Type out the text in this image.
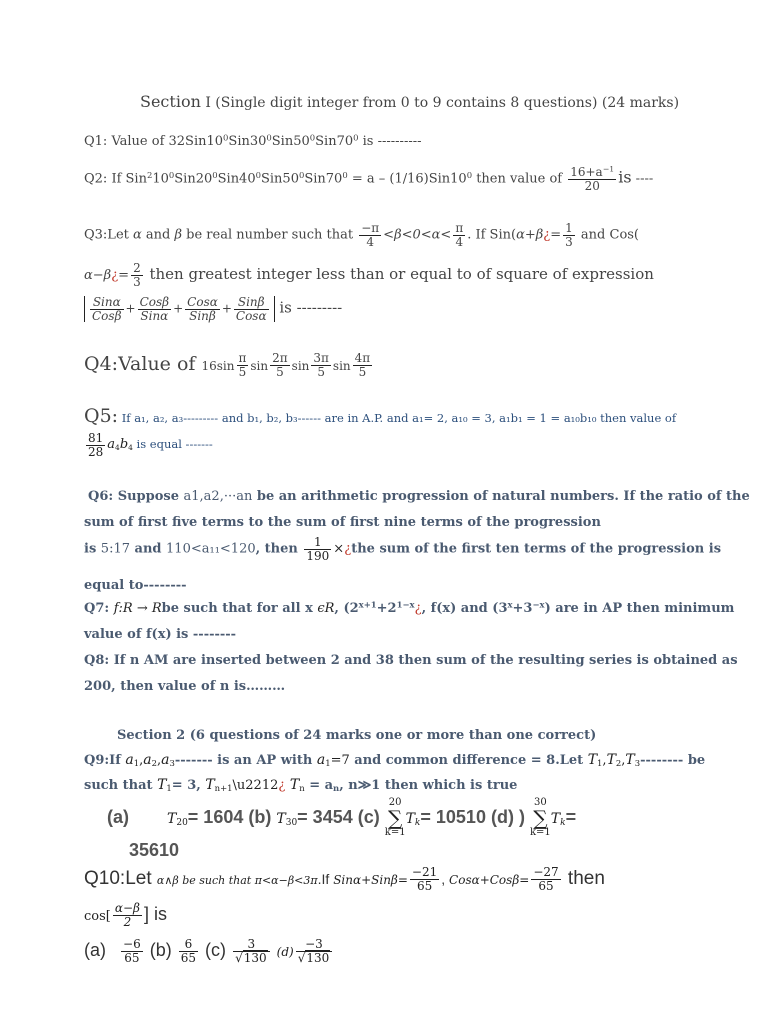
Section I (Single digit integer from 0 to 9 contains 8 questions) (24 marks)
Q1: Value of $32Sin10^0Sin30^0Sin50^0Sin70^0$ is ----------
Q2: If $Sin^210^0Sin20^0Sin40^0Sin50^0Sin70^0 = a - (1/16)Sin10^0$ then value of $\frac{16+a^{-1}}{20}$ is ----
Q3:Let α and β be real number such that $\frac{-\pi}{4} <\beta<0<\alpha< \frac{\pi}{4}$ . If Sin(α+β¿= $\frac{1}{3}$ and Cos(
α−β¿= $\frac{2}{3}$ then greatest integer less than or equal to of square of expression
$\frac{\text{Sinα}}{\text{Cosβ}} + \frac{\text{Cosβ}}{\text{Sinα}} + \frac{\text{Cosα}}{\text{Sinβ}} + \frac{\text{Sinβ}}{\text{Cosα}}$ is ---------
Q4:Value of $16\sin \frac{\pi}{5}$ $\sin \frac{2\pi}{5}$ $\sin \frac{3\pi}{5}$ $\sin \frac{4\pi}{5}$
Q5: If a₁, a₂, a₃--------- and b₁, b₂, b₃------ are in A.P. and a₁= 2, a₁₀ = 3, a₁b₁ = 1 = a₁₀b₁₀ then value of
$\frac{81}{28} a_4b_4$ is equal -------
Q6: Suppose a1,a2,···an be an arithmetic progression of natural numbers. If the ratio of the
sum of first five terms to the sum of first nine terms of the progression
is 5:17 and 110<a₁₁<120, then $\frac{1}{190}$ ×¿the sum of the first ten terms of the progression is
equal to--------
Q7: f:R → Rbe such that for all x ϵR, ($2^{x+1}+2^{1-x}¿$, f(x) and $(3^x+3^{-x})$ are in AP then minimum
value of f(x) is --------
Q8: If n AM are inserted between 2 and 38 then sum of the resulting series is obtained as
200, then value of n is………
Section 2 (6 questions of 24 marks one or more than one correct)
Q9:If $a_1,a_2,a_3-------$ is an AP with $a_1=7$ and common difference = 8.Let $T_1,T_2,T_3--------$ be
such that $T_1= 3$, $T_{n+1}\backslash u2212¿$ $T_n = a_n$, n≫1 then which is true
(a)	$T_{20}= 1604$ (b) $T_{30}= 3454$ (c) 20
∑
$k=1T_k= 10510$ (d) ) 30
∑
$k=1T_k=$
35610
Q10:Let α∧β be such that π<α−β<3π.If $Sin\alpha+Sin\beta= \frac{-21}{65}$ , $Cos\alpha+Cos\beta= \frac{-27}{65}$ then
$\cos[ \frac{\alpha-\beta}{2}$ ] is
$(a) \frac{-6}{65} (b) \frac{6}{65} (c) \frac{3}{√130} (d) \frac{-3}{√130}$
